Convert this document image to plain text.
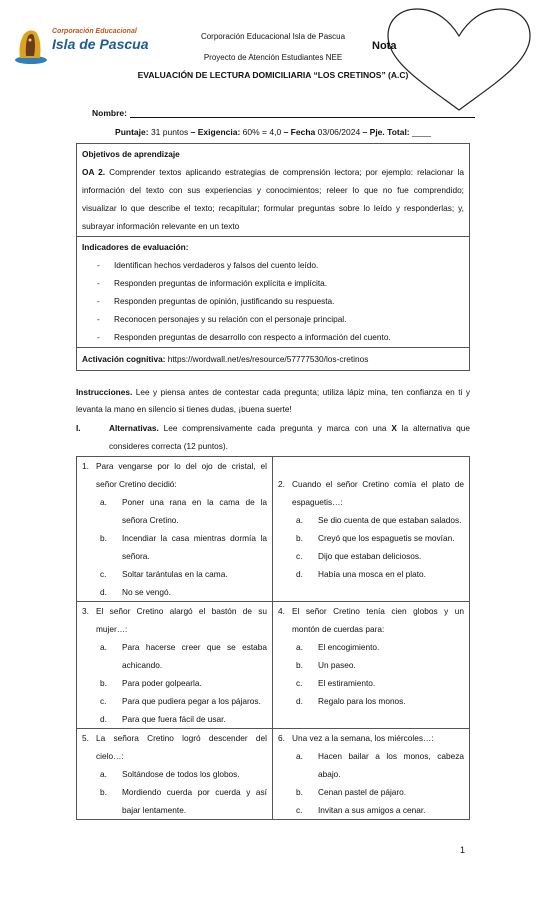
Corporación Educacional
Isla de Pascua	Corporación Educacional Isla de Pascua
Proyecto de Atención Estudiantes NEE
Nota
EVALUACIÓN DE LECTURA DOMICILIARIA “LOS CRETINOS” (A.C)
Nombre:
Puntaje: 31 puntos – Exigencia: 60% = 4,0 – Fecha 03/06/2024 – Pje. Total: ____

Objetivos de aprendizaje

OA 2. Comprender textos aplicando estrategias de comprensión lectora; por ejemplo: relacionar la información del texto con sus experiencias y conocimientos; releer lo que no fue comprendido; visualizar lo que describe el texto; recapitular; formular preguntas sobre lo leído y responderlas; y, subrayar información relevante en un texto

Indicadores de evaluación:

- Identifican hechos verdaderos y falsos del cuento leído.
- Responden preguntas de información explícita e implícita.
- Responden preguntas de opinión, justificando su respuesta.
- Reconocen personajes y su relación con el personaje principal.
- Responden preguntas de desarrollo con respecto a información del cuento.

Activación cognitiva: https://wordwall.net/es/resource/57777530/los-cretinos

Instrucciones. Lee y piensa antes de contestar cada pregunta; utiliza lápiz mina, ten confianza en ti y levanta la mano en silencio si tienes dudas, ¡buena suerte!
I.	Alternativas. Lee comprensivamente cada pregunta y marca con una X la alternativa que consideres correcta (12 puntos).
1. Para vengarse por lo del ojo de cristal, el señor Cretino decidió:
a.	Poner una rana en la cama de la señora Cretino.
b.	Incendiar la casa mientras dormía la señora.
c.	Soltar tarántulas en la cama.
d.	No se vengó.
2. Cuando el señor Cretino comía el plato de espaguetis…:
a.	Se dio cuenta de que estaban salados.
b.	Creyó que los espaguetis se movían.
c.	Dijo que estaban deliciosos.
d.	Había una mosca en el plato.
3. El señor Cretino alargó el bastón de su mujer…:
a.	Para hacerse creer que se estaba achicando.
b.	Para poder golpearla.
c.	Para que pudiera pegar a los pájaros.
d.	Para que fuera fácil de usar.
4. El señor Cretino tenía cien globos y un montón de cuerdas para:
a.	El encogimiento.
b.	Un paseo.
c.	El estiramiento.
d.	Regalo para los monos.
5. La señora Cretino logró descender del cielo…:
a.	Soltándose de todos los globos.
b.	Mordiendo cuerda por cuerda y así bajar lentamente.
6. Una vez a la semana, los miércoles…:
a.	Hacen bailar a los monos, cabeza abajo.
b.	Cenan pastel de pájaro.
c.	Invitan a sus amigos a cenar.
1
